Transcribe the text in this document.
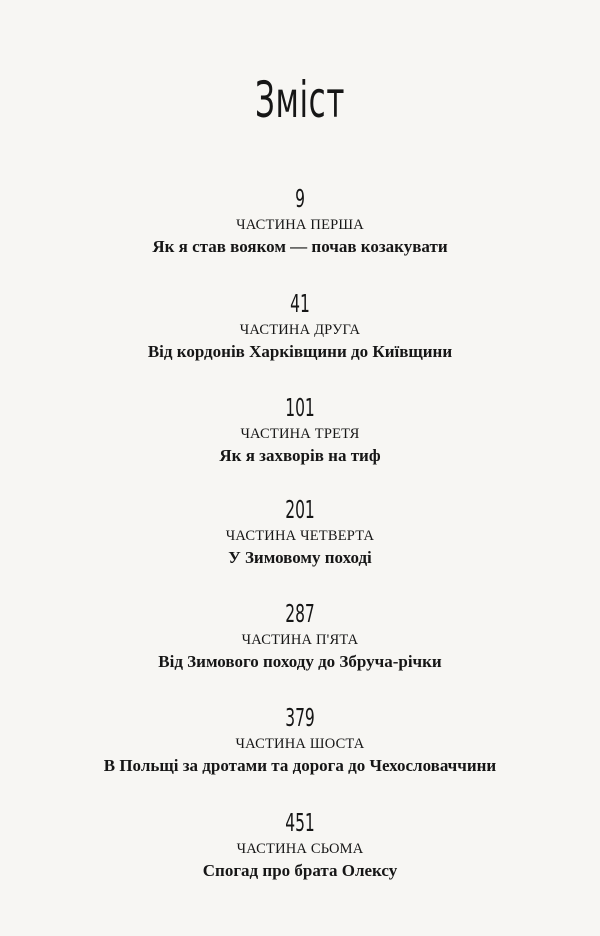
Зміст
9
ЧАСТИНА ПЕРША
Як я став вояком — почав козакувати
41
ЧАСТИНА ДРУГА
Від кордонів Харківщини до Київщини
101
ЧАСТИНА ТРЕТЯ
Як я захворів на тиф
201
ЧАСТИНА ЧЕТВЕРТА
У Зимовому поході
287
ЧАСТИНА П'ЯТА
Від Зимового походу до Збруча-річки
379
ЧАСТИНА ШОСТА
В Польщі за дротами та дорога до Чехословаччини
451
ЧАСТИНА СЬОМА
Спогад про брата Олексу
